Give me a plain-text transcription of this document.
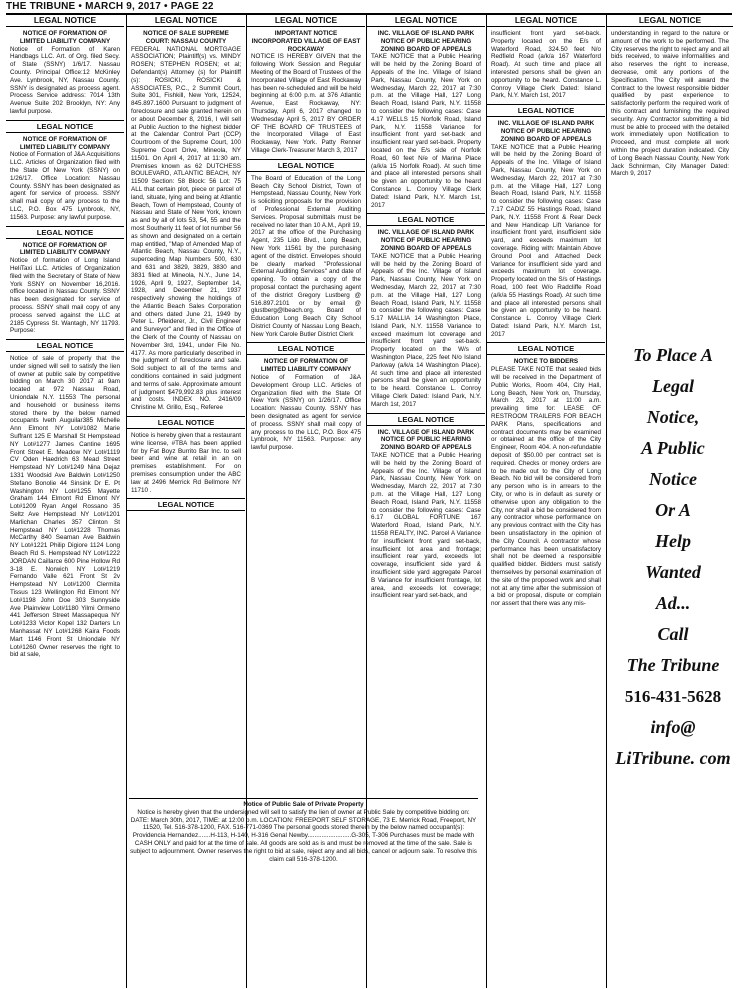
THE TRIBUNE • MARCH 9, 2017 • PAGE 22
LEGAL NOTICE
NOTICE OF FORMATION OF LIMITED LIABILITY COMPANY

Notice of Formation of Karen Handbags LLC. Art. of Org. filed Secy. of State (SSNY) 1/6/17. Nassau County. Principal Office:12 McKinley Ave. Lynbrook, NY, Nassau County. SSNY is designated as process agent. Process Service address: 7014 13th Avenue Suite 202 Brooklyn, NY: Any lawful purpose.

LEGAL NOTICE
NOTICE OF FORMATION OF LIMITED LIABILITY COMPANY

Notice of Formation of J&A Acquisitions LLC. Articles of Organization filed with the State Of New York (SSNY) on 1/26/17. Office Location: Nassau County. SSNY has been designated as agent for service of process. SSNY shall mail copy of any process to the LLC, P.O. Box 475 Lynbrook, NY, 11563. Purpose: any lawful purpose.

LEGAL NOTICE
NOTICE OF FORMATION OF LIMITED LIABILITY COMPANY

Notice of formation of Long Island HeliTaxi LLC. Articles of Organization filed with the Secretary of State of New York SSNY on November 16,2016. office located in Nassau County. SSNY has been designated for service of process. SSNY shall mail copy of any process served against the LLC at 2185 Cypress St. Wantagh, NY 11793. Purpose:

LEGAL NOTICE

Notice of sale of property that the under signed will sell to satisfy the lien of owner at public sale by competitive bidding on March 30 2017 at 9am located at 972 Nassau Road, Uniondale N.Y. 11553 The personal and household or business items stored there by the below named occupants Iveth Auguilar385 Michelle Ann Elmont NY Lot#1082 Marie Suffrant 125 E Marshall St Hempstead NY Lot#1277 James Cantine 1695 Front Street E. Meadow NY Lot#1119 CV Oden Haedrich 63 Mead Street Hempstead NY Lot#1249 Nina Dejaz 1331 Woodsid Ave Baldwin Lot#1250 Stefano Bonolie 44 Sinsink Dr E. Pt Washington NY Lot#1255 Mayette Graham 144 Elmont Rd Elmont NY Lot#1209 Ryan Angel Rossano 35 Seltz Ave Hempstead NY Lot#1201 Marlichan Charles 357 Clinton St Hempstead NY Lot#1228 Thomas McCarthy 840 Seaman Ave Baldwin NY Lot#1221 Philip Digiore 1124 Long Beach Rd S. Hempstead NY Lot#1222 JORDAN Caillarce 600 Pine Hollow Rd 3-18 E. Norwich NY Lot#1219 Fernando Valle 621 Front St 2v Hempstead NY Lot#1200 Clermita Tissus 123 Wellington Rd Elmont NY Lot#1198 John Doe 303 Sunnyside Ave Plainview Lot#1180 Yilmi Ormeno 441 Jefferson Street Massapequa NY Lot#1233 Victor Kopel 132 Darters Ln Manhassat NY Lot#1268 Kaira Foods Mart 1146 Front St Uniondale NY Lot#1260 Owner reserves the right to bid at sale,

LEGAL NOTICE
NOTICE OF SALE SUPREME COURT: NASSAU COUNTY

FEDERAL NATIONAL MORTGAGE ASSOCIATION; Plaintiff(s) vs. MINDY ROSEN; STEPHEN ROSEN; et al; Defendant(s) Attorney (s) for Plaintiff (s): ROSICKI, ROSICKI & ASSOCIATES, P.C., 2 Summit Court, Suite 301, Fishkill, New York, 12524, 845.897.1600 Pursuant to judgment of foreclosure and sale granted herein on or about December 8, 2016, I will sell at Public Auction to the highest bidder at the Calendar Control Part (CCP) Courtroom of the Supreme Court, 100 Supreme Court Drive, Mineola, NY 11501. On April 4, 2017 at 11:30 am. Premises known as 62 DUTCHESS BOULEVARD, ATLANTIC BEACH, NY 11509 Section: 58 Block: 56 Lot: 75 ALL that certain plot, piece or parcel of land, situate, lying and being at Atlantic Beach, Town of Hempstead, County of Nassau and State of New York, known as and by all of lots 53, 54, 55 and the most Southerly 11 feet of lot number 56 as shown and designated on a certain map entitled, "Map of Amended Map of Atlantic Beach, Nassau County, N.Y., superceding Map Numbers 500, 630 and 631 and 3829, 3829, 3830 and 3831 filed at Mineola, N.Y., June 14, 1926, April 9, 1927, September 14, 1928, and December 21, 1937 respectively showing the holdings of the Atlantic Beach Sales Corporation and others dated June 21, 1949 by Peter L. Pfleiderer, Jr., Civil Engineer and Surveyor" and filed in the Office of the Clerk of the County of Nassau on November 3rd, 1941, under File No. 4177. As more particularly described in the judgment of foreclosure and sale. Sold subject to all of the terms and conditions contained in said judgment and terms of sale. Approximate amount of judgment $479,992.83 plus interest and costs. INDEX NO. 2416/09 Christine M. Grillo, Esq., Referee

LEGAL NOTICE

Notice is hereby given that a restaurant wine license, #TBA has been applied for by Fat Boyz Burrito Bar Inc. to sell beer and wine at retail in an on premises establishment. For on premises consumption under the ABC law at 2496 Merrick Rd Bellmore NY 11710 .

LEGAL NOTICE
LEGAL NOTICE
IMPORTANT NOTICE INCORPORATED VILLAGE OF EAST ROCKAWAY

NOTICE IS HEREBY GIVEN that the following Work Session and Regular Meeting of the Board of Trustees of the Incorporated Village of East Rockaway has been re-scheduled and will be held beginning at 6:00 p.m. at 376 Atlantic Avenue, East Rockaway, NY: Thursday, April 6, 2017 changed to Wednesday April 5, 2017 BY ORDER OF THE BOARD OF TRUSTEES of the Incorporated Village of East Rockaway, New York. Patty Renner Village Clerk-Treasurer March 3, 2017

LEGAL NOTICE

The Board of Education of the Long Beach City School District, Town of Hempstead, Nassau County, New York is soliciting proposals for the provision of Professional External Auditing Services. Proposal submittals must be received no later than 10 A.M., April 19, 2017 at the office of the Purchasing Agent, 235 Lido Blvd., Long Beach, New York 11561 by the purchasing agent of the district. Envelopes should be clearly marked "Professional External Auditing Services" and date of opening. To obtain a copy of the proposal contact the purchasing agent of the district Gregory Lustberg @ 516.897.2101 or by email @ glustberg@lbeach.org. Board of Education Long Beach City School District County of Nassau Long Beach, New York Carole Butler District Clerk

LEGAL NOTICE
NOTICE OF FORMATION OF LIMITED LIABILITY COMPANY

Notice of Formation of J&A Development Group LLC. Articles of Organization filed with the State Of New York (SSNY) on 1/26/17. Office Location: Nassau County. SSNY has been designated as agent for service of process. SSNY shall mail copy of any process to the LLC, P.O. Box 475 Lynbrook, NY 11563. Purpose: any lawful purpose.

LEGAL NOTICE
INC. VILLAGE OF ISLAND PARK NOTICE OF PUBLIC HEARING ZONING BOARD OF APPEALS

TAKE NOTICE that a Public Hearing will be held by the Zoning Board of Appeals of the Inc. Village of Island Park, Nassau County, New York on Wednesday, March 22, 2017 at 7:30 p.m. at the Village Hall, 127 Long Beach Road, Island Park, N.Y. 11558 to consider the following cases: Case 4.17 WELLS 15 Norfolk Road, Island Park, N.Y. 11558 Variance for insufficient front yard set-back and insufficient rear yard set-back. Property located on the E/s side of Norfolk Road, 60 feet N/e of Marina Place (a/k/a 15 Norfolk Road). At such time and place all interested persons shall be given an opportunity to be heard Constance L. Conroy Village Clerk Dated: Island Park, N.Y. March 1st, 2017

LEGAL NOTICE
INC. VILLAGE OF ISLAND PARK NOTICE OF PUBLIC HEARING ZONING BOARD OF APPEALS

TAKE NOTICE that a Public Hearing will be held by the Zoning Board of Appeals of the Inc. Village of Island Park, Nassau County, New York on Wednesday, March 22, 2017 at 7:30 p.m. at the Village Hall, 127 Long Beach Road, Island Park, N.Y. 11558 to consider the following cases: Case 5.17 MALLIA 14 Washington Place, Island Park, N.Y. 11558 Variance to exceed maximum lot coverage and insufficient front yard set-back. Property located on the W/s of Washington Place, 225 feet N/o Island Parkway (a/k/a 14 Washington Place). At such time and place all interested persons shall be given an opportunity to be heard. Constance L. Conroy Village Clerk Dated: Island Park, N.Y. March 1st, 2017

LEGAL NOTICE
INC. VILLAGE OF ISLAND PARK NOTICE OF PUBLIC HEARING ZONING BOARD OF APPEALS

TAKE NOTICE that a Public Hearing will be held by the Zoning Board of Appeals of the Inc. Village of Island Park, Nassau County, New York on Wednesday, March 22, 2017 at 7:30 p.m. at the Village Hall, 127 Long Beach Road, Island Park, N.Y. 11558 to consider the following cases: Case 6.17 GLOBAL FORTUNE 167 Waterford Road, Island Park, N.Y. 11558 REALTY, INC. Parcel A Variance for insufficient front yard set-back, insufficient lot area and frontage; insufficient rear yard, exceeds lot coverage, insufficient side yard & insufficient side yard aggregate Parcel B Variance for insufficient frontage, lot area, and exceeds lot coverage; insufficient rear yard set-back, and

LEGAL NOTICE

insufficient front yard set-back. Property located on the E/s of Waterford Road, 324.50 feet N/o Redfield Road (a/k/a 167 Waterford Road). At such time and place all interested persons shall be given an opportunity to be heard. Constance L. Conroy Village Clerk Dated: Island Park, N.Y. March 1st, 2017

LEGAL NOTICE
INC. VILLAGE OF ISLAND PARK NOTICE OF PUBLIC HEARING ZONING BOARD OF APPEALS

TAKE NOTICE that a Public Hearing will be held by the Zoning Board of Appeals of the Inc. Village of Island Park, Nassau County, New York on Wednesday, March 22, 2017 at 7:30 p.m. at the Village Hall, 127 Long Beach Road, Island Park, N.Y. 11558 to consider the following cases: Case 7.17 CADIZ 55 Hastings Road, Island Park, N.Y. 11558 Front & Rear Deck and New Handicap Lift Variance for insufficient front yard, insufficient side yard, and exceeds maximum lot coverage. Riding with: Maintain Above Ground Pool and Attached Deck Variance for insufficient side yard and exceeds maximum lot coverage. Property located on the S/s of Hastings Road, 100 feet W/o Radcliffe Road (a/k/a 55 Hastings Road). At such time and place all interested persons shall be given an opportunity to be heard. Constance L. Conroy Village Clerk Dated: Island Park, N.Y. March 1st, 2017

LEGAL NOTICE
NOTICE TO BIDDERS

PLEASE TAKE NOTE that sealed bids will be received in the Department of Public Works, Room 404, City Hall, Long Beach, New York on, Thursday, March 23, 2017 at 11:00 a.m. prevailing time for: LEASE OF RESTROOM TRAILERS FOR BEACH PARK Plans, specifications and contract documents may be examined or obtained at the office of the City Engineer, Room 404. A non-refundable deposit of $50.00 per contract set is required. Checks or money orders are to be made out to the City of Long Beach. No bid will be considered from any person who is in arrears to the City, or who is in default as surety or otherwise upon any obligation to the City, nor shall a bid be considered from any contractor whose performance on any previous contract with the City has been unsatisfactory in the opinion of the City Council. A contractor whose performance has been unsatisfactory shall not be deemed a responsible qualified bidder. Bidders must satisfy themselves by personal examination of the site of the proposed work and shall not at any time after the submission of a bid or proposal, dispute or complain nor assert that there was any mis-

LEGAL NOTICE

understanding in regard to the nature or amount of the work to be performed. The City reserves the right to reject any and all bids received, to waive informalities and also reserves the right to increase, decrease, omit any portions of the Specification. The City will award the Contract to the lowest responsible bidder qualified by past experience to satisfactorily perform the required work of this contract and furnishing the required security. Any Contractor submitting a bid must be able to proceed with the detailed work immediately upon Notification to Proceed, and must complete all work within the project duration indicated. City of Long Beach Nassau County, New York Jack Schnirman, City Manager Dated: March 9, 2017

Notice of Public Sale of Private Property

Notice is hereby given that the undersigned will sell to satisfy the lien of owner at Public Sale by competitive bidding on: DATE: March 30th, 2017, TIME: at 12:00 p.m. LOCATION: FREEPORT SELF STORAGE, 73 E. Merrick Road, Freeport, NY 11520, Tel. 516-378-1200, FAX. 516-771-0369 The personal goods stored therein by the below named occupant(s): Providencia Hernandez.......H-113, H-140, H-316 Genal Newby.........................G-305, T-306 Purchases must be made with CASH ONLY and paid for at the time of sale. All goods are sold as is and must be removed at the time of the sale. Sale is subject to adjournment. Owner reserves the right to bid at sale, reject any and all bids, cancel or adjourn sale. To resolve this claim call 516-378-1200.

To Place A
Legal
Notice,
A Public
Notice
Or A
Help
Wanted
Ad...
Call
The Tribune
516-431-5628
info@ LiTribune. com
